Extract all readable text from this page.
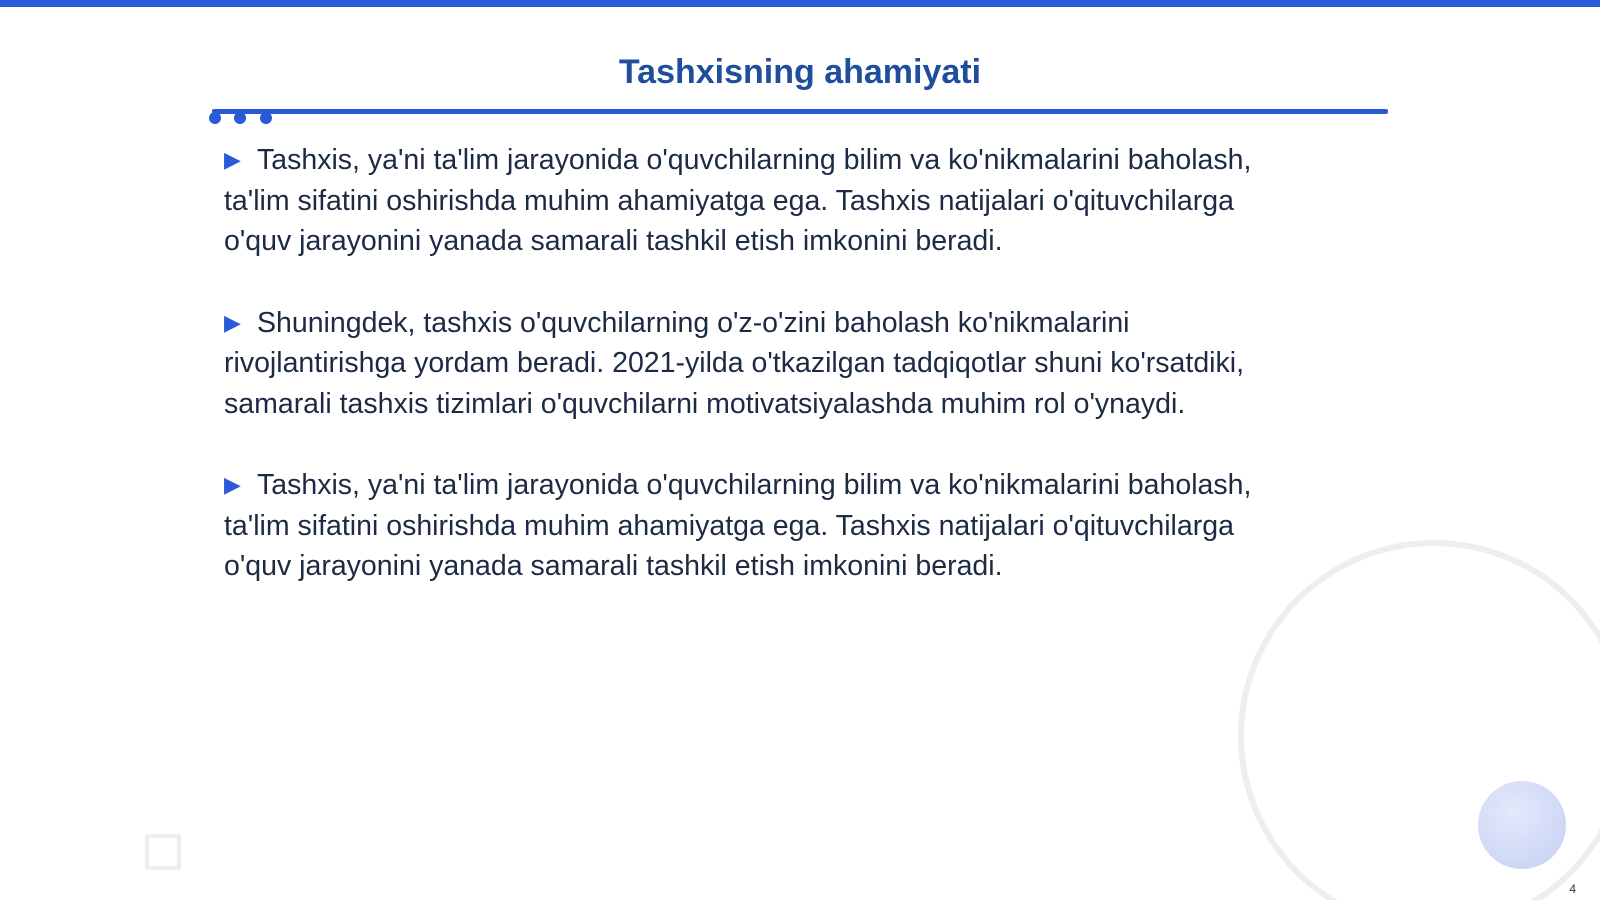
Tashxisning ahamiyati

▶ Tashxis, ya'ni ta'lim jarayonida o'quvchilarning bilim va ko'nikmalarini baholash,
ta'lim sifatini oshirishda muhim ahamiyatga ega. Tashxis natijalari o'qituvchilarga
o'quv jarayonini yanada samarali tashkil etish imkonini beradi.

▶ Shuningdek, tashxis o'quvchilarning o'z-o'zini baholash ko'nikmalarini
rivojlantirishga yordam beradi. 2021-yilda o'tkazilgan tadqiqotlar shuni ko'rsatdiki,
samarali tashxis tizimlari o'quvchilarni motivatsiyalashda muhim rol o'ynaydi.

▶ Tashxis, ya'ni ta'lim jarayonida o'quvchilarning bilim va ko'nikmalarini baholash,
ta'lim sifatini oshirishda muhim ahamiyatga ega. Tashxis natijalari o'qituvchilarga
o'quv jarayonini yanada samarali tashkil etish imkonini beradi.

4
